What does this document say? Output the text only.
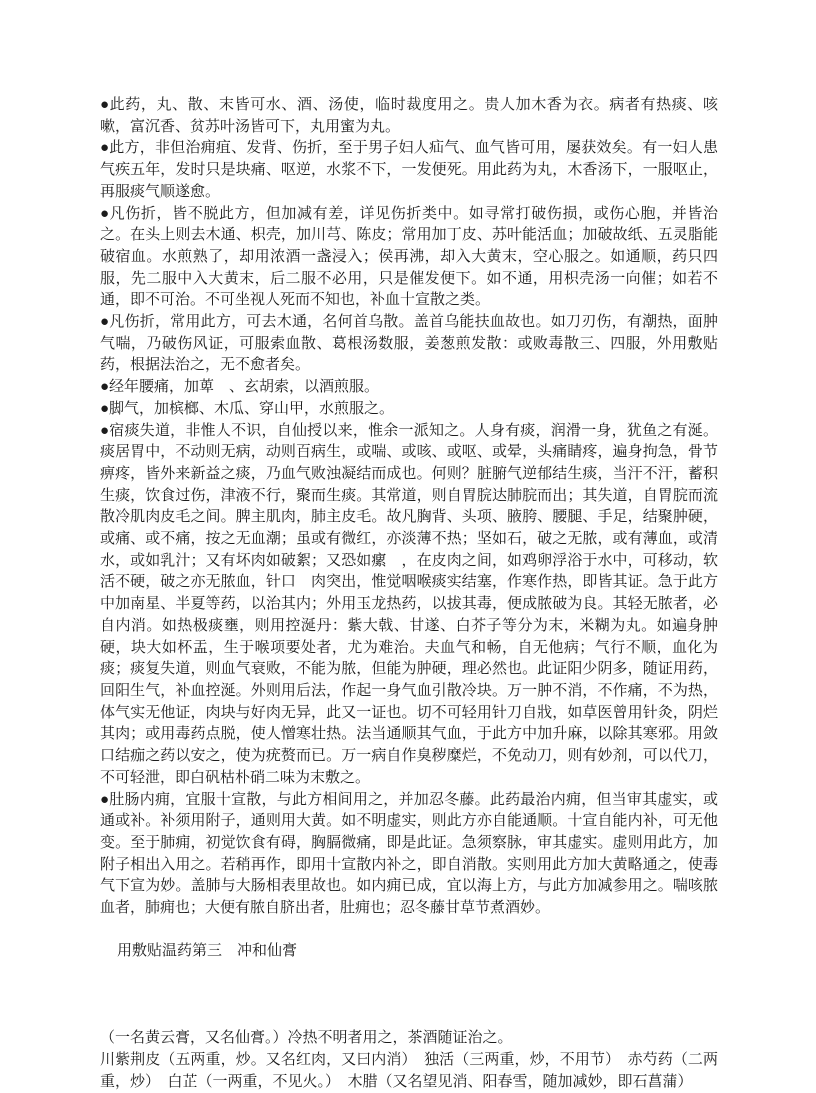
●此药，丸、散、末皆可水、酒、汤使，临时裁度用之。贵人加木香为衣。病者有热痰、咳嗽，富沉香、贫苏叶汤皆可下，丸用蜜为丸。

●此方，非但治痈疽、发背、伤折，至于男子妇人疝气、血气皆可用，屡获效矣。有一妇人患气疾五年，发时只是块痛、呕逆，水浆不下，一发便死。用此药为丸，木香汤下，一服呕止，再服痰气顺遂愈。

●凡伤折，皆不脱此方，但加减有差，详见伤折类中。如寻常打破伤损，或伤心胞，并皆治之。在头上则去木通、枳壳，加川芎、陈皮；常用加丁皮、苏叶能活血；加破故纸、五灵脂能破宿血。水煎熟了，却用浓酒一盏浸入；侯再沸，却入大黄末，空心服之。如通顺，药只四服，先二服中入大黄末，后二服不必用，只是催发便下。如不通，用枳壳汤一向催；如若不通，即不可治。不可坐视人死而不知也，补血十宣散之类。

●凡伤折，常用此方，可去木通，名何首乌散。盖首乌能扶血故也。如刀刃伤，有潮热，面肿气喘，乃破伤风证，可服索血散、葛根汤数服，姜葱煎发散：或败毒散三、四服，外用敷贴药，根据法治之，无不愈者矣。

●经年腰痛，加萆　、玄胡索，以酒煎服。

●脚气，加槟榔、木瓜、穿山甲，水煎服之。

●宿痰失道，非惟人不识，自仙授以来，惟余一派知之。人身有痰，润滑一身，犹鱼之有涎。痰居胃中，不动则无病，动则百病生，或喘、或咳、或呕、或晕，头痛睛疼，遍身拘急，骨节痹疼，皆外来新益之痰，乃血气败浊凝结而成也。何则？脏腑气逆郁结生痰，当汗不汗，蓄积生痰，饮食过伤，津液不行，聚而生痰。其常道，则自胃脘达肺脘而出；其失道，自胃脘而流散冷肌肉皮毛之间。脾主肌肉，肺主皮毛。故凡胸背、头项、腋胯、腰腿、手足，结聚肿硬，或痛、或不痛，按之无血潮；虽或有微红，亦淡薄不热；坚如石，破之无脓，或有薄血，或清水，或如乳汁；又有坏肉如破絮；又恐如瘰　，在皮肉之间，如鸡卵浮浴于水中，可移动，软活不硬，破之亦无脓血，针口　肉突出，惟觉咽喉痰实结塞，作寒作热，即皆其证。急于此方中加南星、半夏等药，以治其内；外用玉龙热药，以拔其毒，便成脓破为良。其轻无脓者，必自内消。如热极痰壅，则用控涎丹：紫大戟、甘遂、白芥子等分为末，米糊为丸。如遍身肿硬，块大如杯盂，生于喉项要处者，尤为难治。夫血气和畅，自无他病；气行不顺，血化为痰；痰复失道，则血气衰败，不能为脓，但能为肿硬，理必然也。此证阳少阴多，随证用药，回阳生气，补血控涎。外则用后法，作起一身气血引散冷块。万一肿不消，不作痛，不为热，体气实无他证，肉块与好肉无异，此又一证也。切不可轻用针刀自戕，如草医曾用针灸，阴烂其肉；或用毒药点脱，使人憎寒壮热。法当通顺其气血，于此方中加升麻，以除其寒邪。用敛口结痂之药以安之，使为疣赘而已。万一病自作臭秽糜烂，不免动刀，则有妙剂，可以代刀，不可轻泄，即白矾枯朴硝二味为末敷之。

●肚肠内痈，宜服十宣散，与此方相间用之，并加忍冬藤。此药最治内痈，但当审其虚实，或通或补。补须用附子，通则用大黄。如不明虚实，则此方亦自能通顺。十宣自能内补，可无他变。至于肺痈，初觉饮食有碍，胸膈微痛，即是此证。急须察脉，审其虚实。虚则用此方，加附子相出入用之。若稍再作，即用十宣散内补之，即自消散。实则用此方加大黄略通之，使毒气下宣为妙。盖肺与大肠相表里故也。如内痈已成，宜以海上方，与此方加减参用之。喘咳脓血者，肺痈也；大便有脓自脐出者，肚痈也；忍冬藤甘草节煮酒妙。

用敷贴温药第三　冲和仙膏

（一名黄云膏，又名仙膏。）冷热不明者用之，茶酒随证治之。

川紫荆皮（五两重，炒。又名红肉，又曰内消）　独活（三两重，炒，不用节）　赤芍药（二两重，炒）　白芷（一两重，不见火。）　木腊（又名望见消、阳春雪，随加减妙，即石菖蒲）
